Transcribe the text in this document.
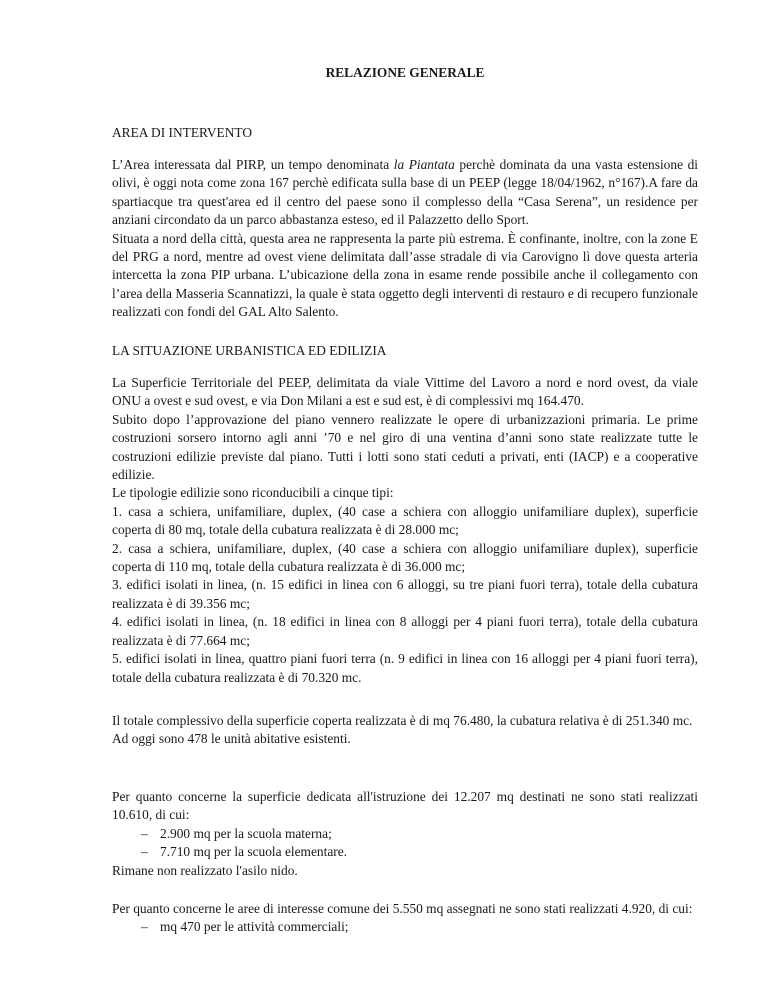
RELAZIONE GENERALE
AREA DI INTERVENTO

L’Area interessata dal PIRP, un tempo denominata la Piantata perchè dominata da una vasta estensione di olivi, è oggi nota come zona 167 perchè edificata sulla base di un PEEP (legge 18/04/1962, n°167).A fare da spartiacque tra quest'area ed il centro del paese sono il complesso della “Casa Serena”, un residence per anziani circondato da un parco abbastanza esteso, ed il Palazzetto dello Sport.

Situata a nord della città, questa area ne rappresenta la parte più estrema. È confinante, inoltre, con la zone E del PRG a nord, mentre ad ovest viene delimitata dall’asse stradale di via Carovigno lì dove questa arteria intercetta la zona PIP urbana. L’ubicazione della zona in esame rende possibile anche il collegamento con l’area della Masseria Scannatizzi, la quale è stata oggetto degli interventi di restauro e di recupero funzionale realizzati con fondi del GAL Alto Salento.

LA SITUAZIONE URBANISTICA ED EDILIZIA

La Superficie Territoriale del PEEP, delimitata da viale Vittime del Lavoro a nord e nord ovest, da viale ONU a ovest e sud ovest, e via Don Milani a est e sud est, è di complessivi mq 164.470.

Subito dopo l’approvazione del piano vennero realizzate le opere di urbanizzazioni primaria. Le prime costruzioni sorsero intorno agli anni ’70 e nel giro di una ventina d’anni sono state realizzate tutte le costruzioni edilizie previste dal piano. Tutti i lotti sono stati ceduti a privati, enti (IACP) e a cooperative edilizie.

Le tipologie edilizie sono riconducibili a cinque tipi:

1. casa a schiera, unifamiliare, duplex, (40 case a schiera con alloggio unifamiliare duplex), superficie coperta di 80 mq, totale della cubatura realizzata è di 28.000 mc;

2. casa a schiera, unifamiliare, duplex, (40 case a schiera con alloggio unifamiliare duplex), superficie coperta di 110 mq, totale della cubatura realizzata è di 36.000 mc;

3. edifici isolati in linea, (n. 15 edifici in linea con 6 alloggi, su tre piani fuori terra), totale della cubatura realizzata è di 39.356 mc;

4. edifici isolati in linea, (n. 18 edifici in linea con 8 alloggi per 4 piani fuori terra), totale della cubatura realizzata è di 77.664 mc;

5. edifici isolati in linea, quattro piani fuori terra (n. 9 edifici in linea con 16 alloggi per 4 piani fuori terra), totale della cubatura realizzata è di 70.320 mc.

Il totale complessivo della superficie coperta realizzata è di mq 76.480, la cubatura relativa è di 251.340 mc.

Ad oggi sono 478 le unità abitative esistenti.

Per quanto concerne la superficie dedicata all'istruzione dei 12.207 mq destinati ne sono stati realizzati 10.610, di cui:

– 2.900 mq per la scuola materna;
– 7.710 mq per la scuola elementare.

Rimane non realizzato l'asilo nido.

Per quanto concerne le aree di interesse comune dei 5.550 mq assegnati ne sono stati realizzati 4.920, di cui:

– mq 470 per le attività commerciali;
